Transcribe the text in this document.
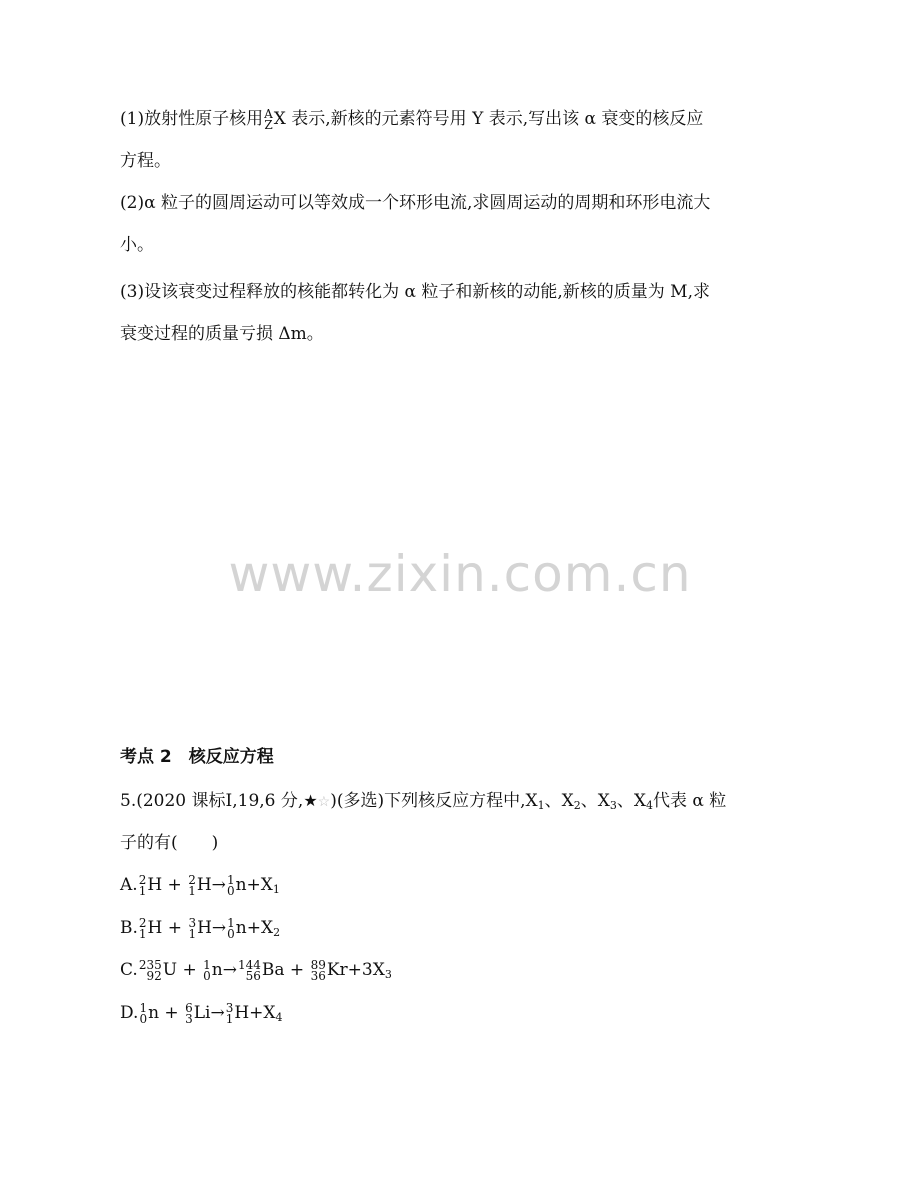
(1)放射性原子核用 A
Z X 表示,新核的元素符号用 Y 表示,写出该 α 衰变的核反应
方程。
(2)α 粒子的圆周运动可以等效成一个环形电流,求圆周运动的周期和环形电流大
小。
(3)设该衰变过程释放的核能都转化为 α 粒子和新核的动能,新核的质量为 M,求
衰变过程的质量亏损 Δm。
www.zixin.com.cn
考点 2　核反应方程
5.(2020 课标Ⅰ,19,6 分,★☆)(多选)下列核反应方程中$,X_1$、$X_2$、$X_3$、$X_4$代表 α 粒
子的有(　　)
A. 2
1 H + 2
1 H→ 1
0 $n+X_1$
B. 2
1 H + 3
1 H→ 1
0 $n+X_2$
C. 235
92 U + 1
0 n→ 144
56 Ba + 89
36 $Kr+3X_3$
D. 1
0 n + 6
3 Li→ 3
1 $H+X_4$
